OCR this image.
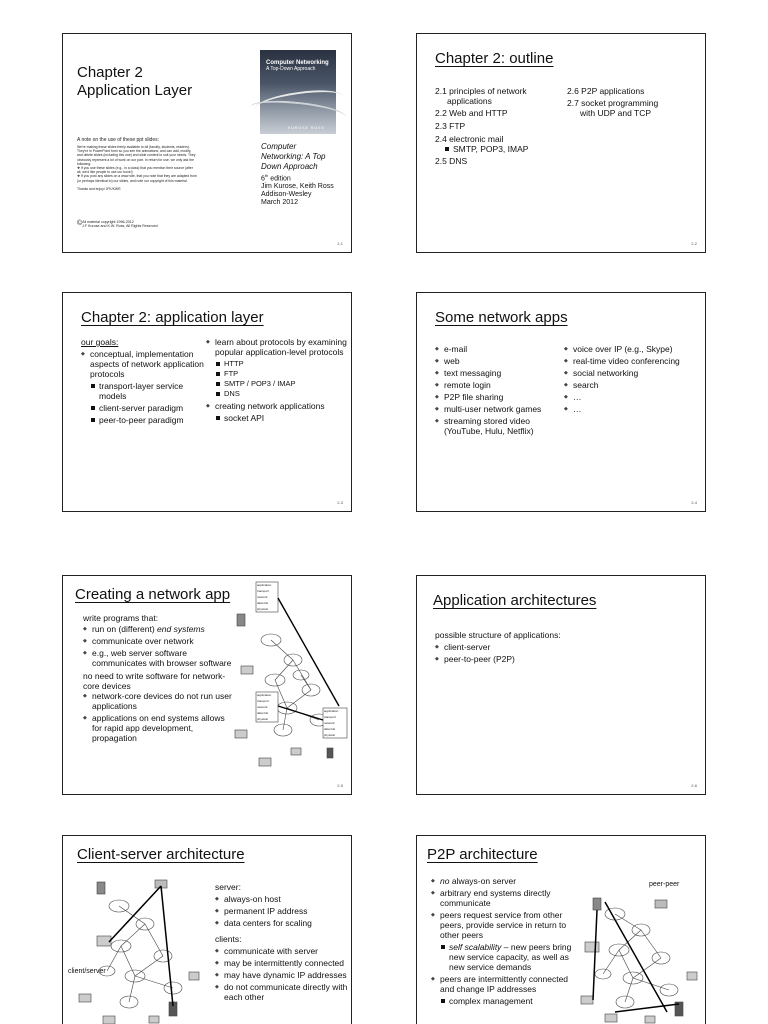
Chapter 2
Application Layer
Computer Networking
A Top-Down Approach
KUROSE ROSS
A note on the use of these ppt slides:
We're making these slides freely available to all (faculty, students, readers). They're in PowerPoint form so you see the animations; and can add, modify, and delete slides (including this one) and slide content to suit your needs. They obviously represent a lot of work on our part. In return for use, we only ask the following:
❖ If you use these slides (e.g., in a class) that you mention their source (after all, we'd like people to use our book!)
❖ If you post any slides on a www site, that you note that they are adapted from (or perhaps identical to) our slides, and note our copyright of this material.
Thanks and enjoy! JFK/KWR
© All material copyright 1996-2012
J.F Kurose and K.W. Ross, All Rights Reserved
Computer
Networking: A Top
Down Approach
6th edition
Jim Kurose, Keith Ross
Addison-Wesley
March 2012
2-1
Chapter 2: outline
2.1 principles of network
applications
2.2 Web and HTTP
2.3 FTP
2.4 electronic mail
SMTP, POP3, IMAP
2.5 DNS
2.6 P2P applications
2.7 socket programming
with UDP and TCP
2-2
Chapter 2: application layer
our goals:
◆ conceptual, implementation aspects of network application protocols
transport-layer service models
client-server paradigm
peer-to-peer paradigm
◆ learn about protocols by examining popular application-level protocols
HTTP
FTP
SMTP / POP3 / IMAP
DNS
◆ creating network applications
socket API
2-3
Some network apps
◆ e-mail
◆ web
◆ text messaging
◆ remote login
◆ P2P file sharing
◆ multi-user network games
◆ streaming stored video (YouTube, Hulu, Netflix)
◆ voice over IP (e.g., Skype)
◆ real-time video conferencing
◆ social networking
◆ search
◆ …
◆ …
2-4
Creating a network app
write programs that:
◆ run on (different) end systems
◆ communicate over network
◆ e.g., web server software communicates with browser software
no need to write software for network-core devices
◆ network-core devices do not run user applications
◆ applications on end systems allows for rapid app development, propagation
application
transport
network
data link
physical
application
transport
network
data link
physical
application
transport
network
data link
physical
2-5
Application architectures
possible structure of applications:
◆ client-server
◆ peer-to-peer (P2P)
2-6
Client-server architecture
client/server
server:
◆ always-on host
◆ permanent IP address
◆ data centers for scaling
clients:
◆ communicate with server
◆ may be intermittently connected
◆ may have dynamic IP addresses
◆ do not communicate directly with each other
P2P architecture
◆ no always-on server
◆ arbitrary end systems directly communicate
◆ peers request service from other peers, provide service in return to other peers
self scalability – new peers bring new service capacity, as well as new service demands
◆ peers are intermittently connected and change IP addresses
complex management
peer-peer
